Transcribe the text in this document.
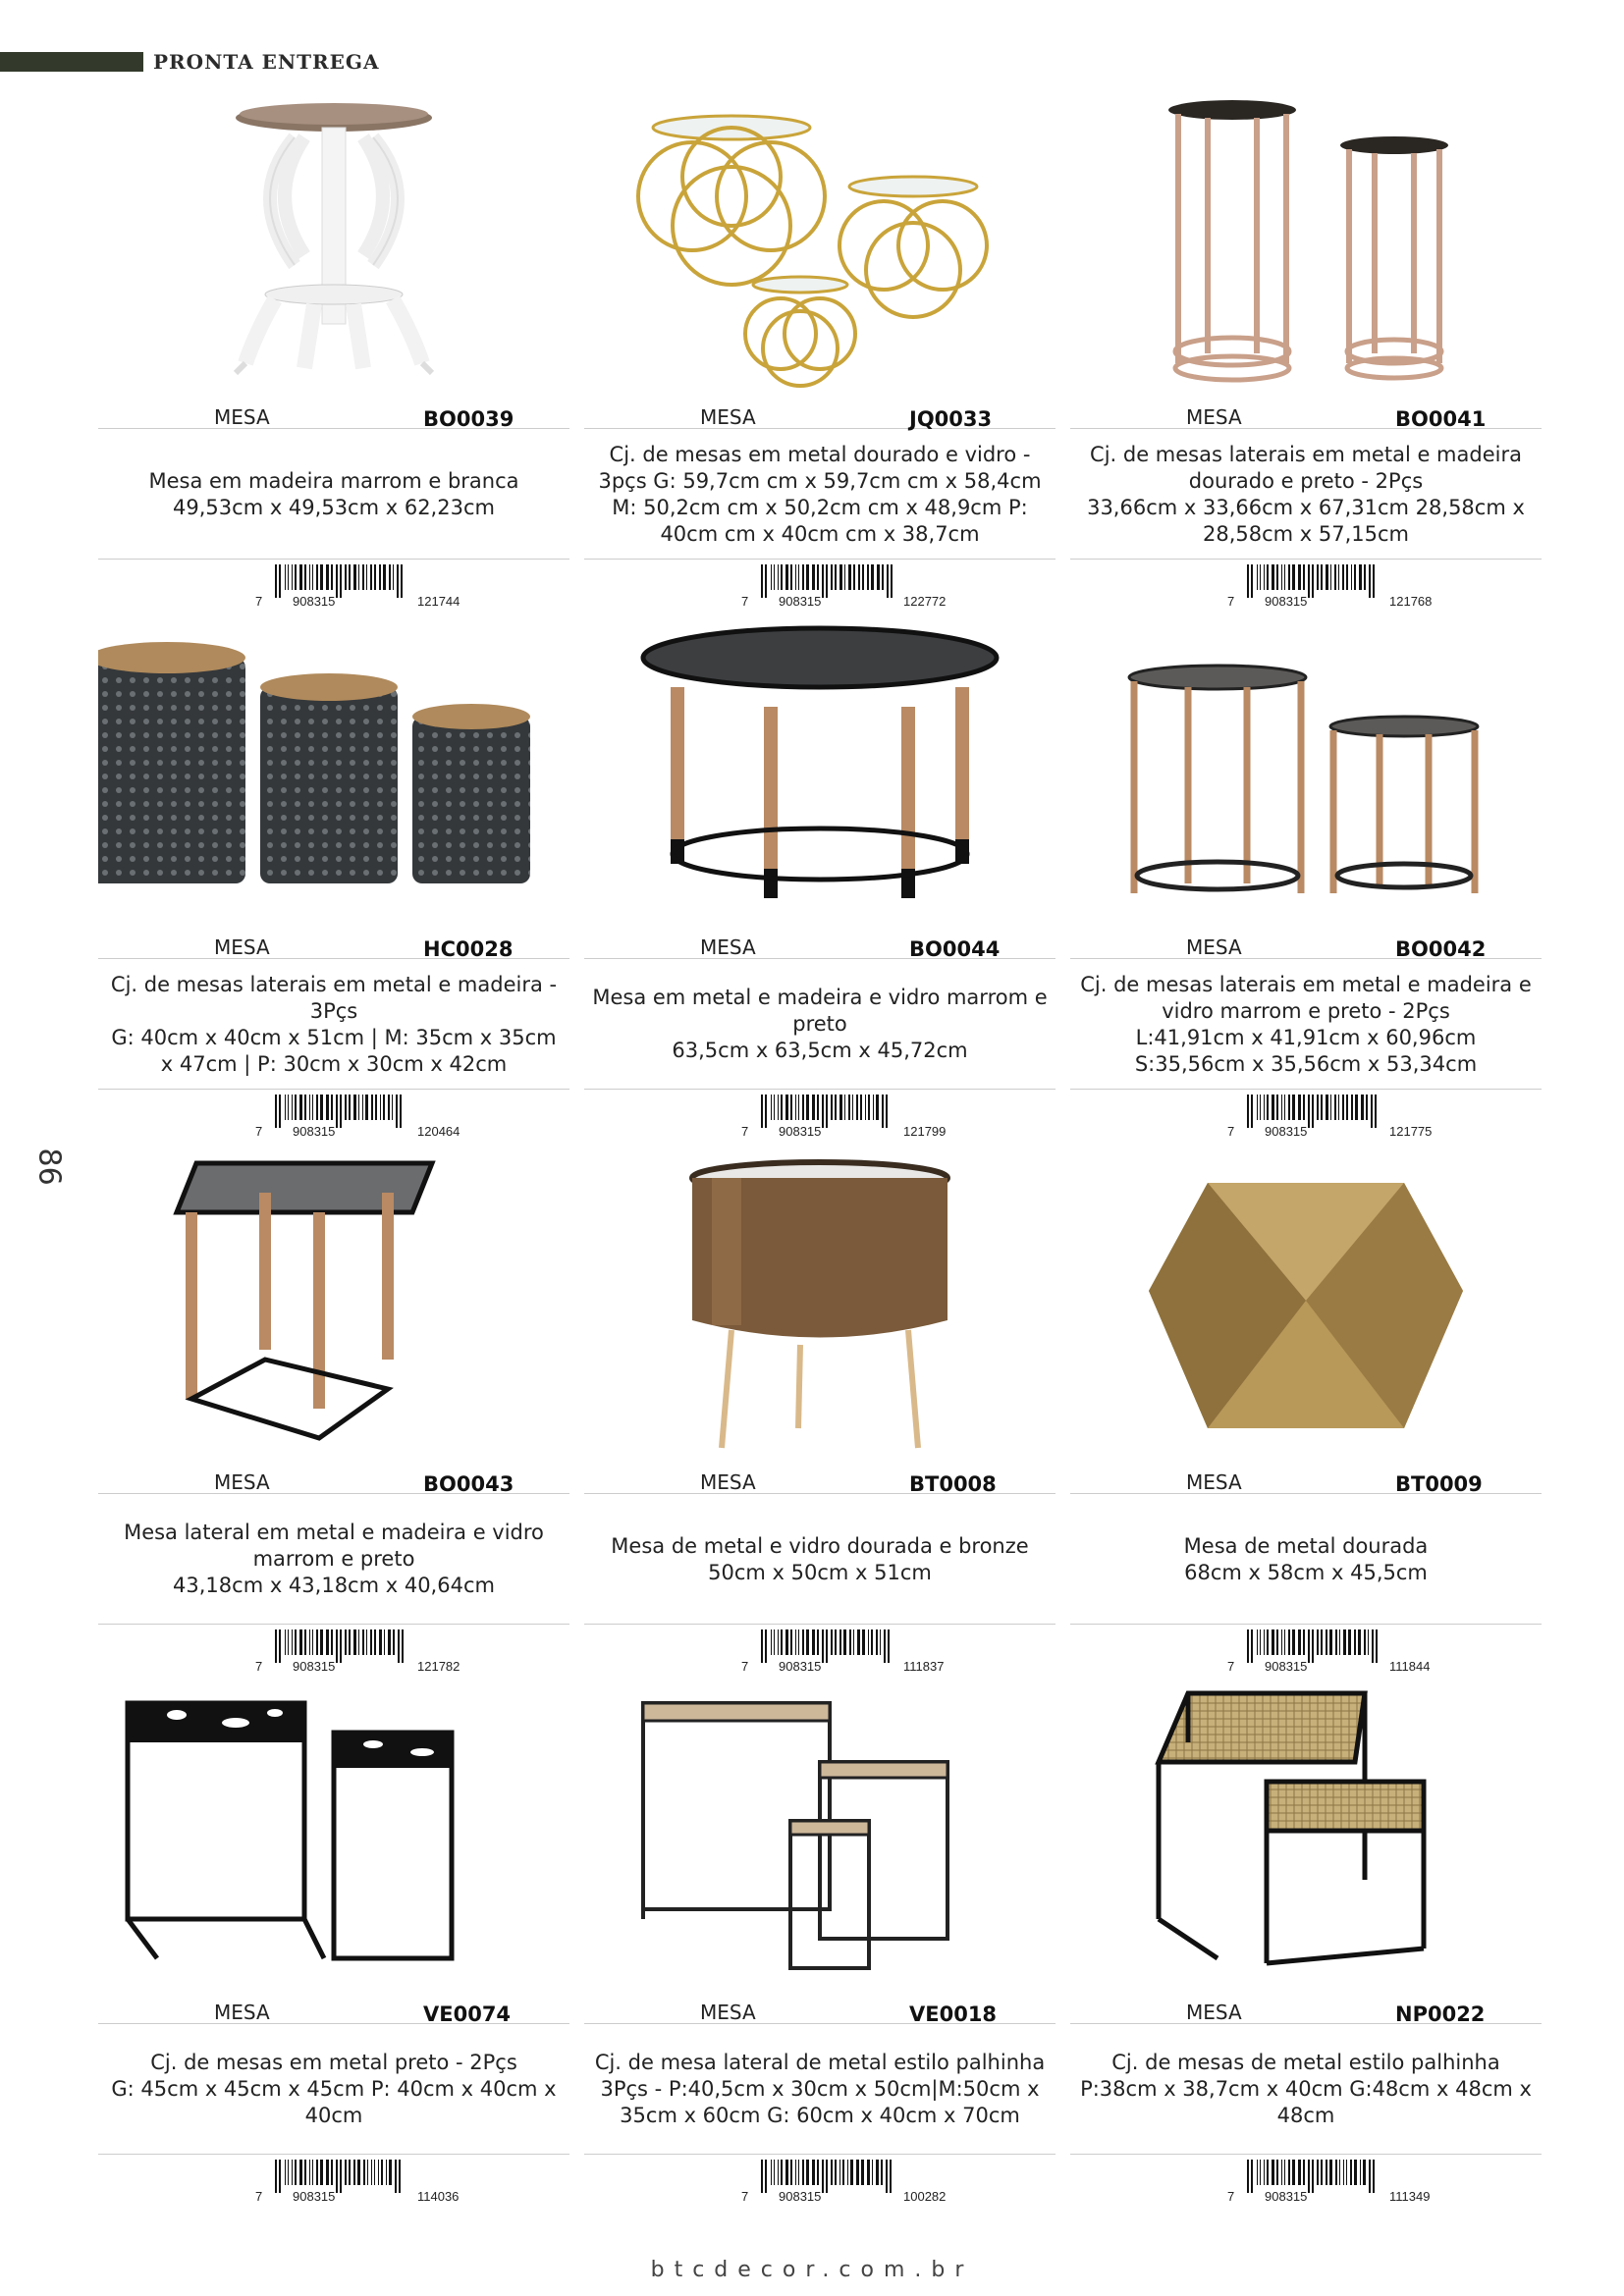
PRONTA ENTREGA
86
MESA	BO0039
Mesa em madeira marrom e branca
49,53cm x 49,53cm x 62,23cm
7 908315	121744
MESA	JQ0033
Cj. de mesas em metal dourado e vidro - 3pçs G: 59,7cm cm x 59,7cm cm x 58,4cm M: 50,2cm cm x 50,2cm cm x 48,9cm P: 40cm cm x 40cm cm x 38,7cm
7 908315	122772
MESA	BO0041
Cj. de mesas laterais em metal e madeira dourado e preto - 2Pçs
33,66cm x 33,66cm x 67,31cm 28,58cm x 28,58cm x 57,15cm
7 908315	121768
MESA	HC0028
Cj. de mesas laterais em metal e madeira - 3Pçs
G: 40cm x 40cm x 51cm | M: 35cm x 35cm x 47cm | P: 30cm x 30cm x 42cm
7 908315	120464
MESA	BO0044
Mesa em metal e madeira e vidro marrom e preto
63,5cm x 63,5cm x 45,72cm
7 908315	121799
MESA	BO0042
Cj. de mesas laterais em metal e madeira e vidro marrom e preto - 2Pçs
L:41,91cm x 41,91cm x 60,96cm S:35,56cm x 35,56cm x 53,34cm
7 908315	121775
MESA	BO0043
Mesa lateral em metal e madeira e vidro marrom e preto
43,18cm x 43,18cm x 40,64cm
7 908315	121782
MESA	BT0008
Mesa de metal e vidro dourada e bronze
50cm x 50cm x 51cm
7 908315	111837
MESA	BT0009
Mesa de metal dourada
68cm x 58cm x 45,5cm
7 908315	111844
MESA	VE0074
Cj. de mesas em metal preto - 2Pçs
G: 45cm x 45cm x 45cm P: 40cm x 40cm x 40cm
7 908315	114036
MESA	VE0018
Cj. de mesa lateral de metal estilo palhinha 3Pçs - P:40,5cm x 30cm x 50cm|M:50cm x 35cm x 60cm G: 60cm x 40cm x 70cm
7 908315	100282
MESA	NP0022
Cj. de mesas de metal estilo palhinha
P:38cm x 38,7cm x 40cm G:48cm x 48cm x 48cm
7 908315	111349
btcdecor.com.br
